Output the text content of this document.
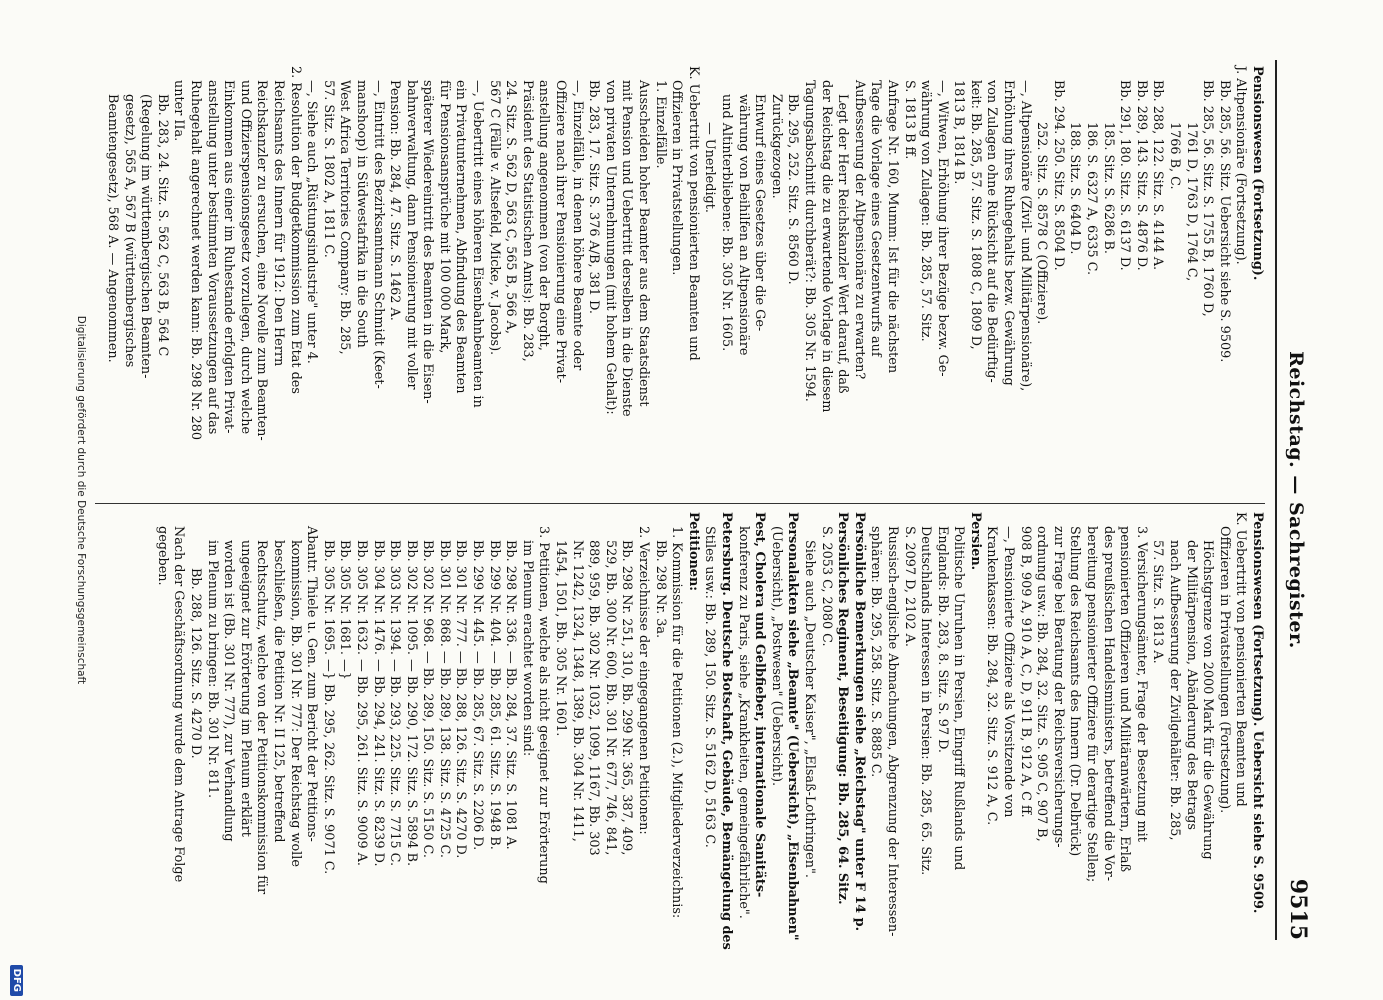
Reichstag. — Sachregister.
9515
Pensionswesen (Fortsetzung).
J. Altpensionäre (Fortsetzung).
Bb. 285, 56. Sitz. Uebersicht siehe S. 9509.
Bb. 285, 56. Sitz. S. 1755 B, 1760 D,
1761 D, 1763 D, 1764 C,
1766 B, C.
Bb. 288, 122. Sitz. S. 4144 A.
Bb. 289, 143. Sitz. S. 4876 D.
Bb. 291, 180. Sitz. S. 6137 D.
185. Sitz. S. 6286 B.
186. S. 6327 A, 6335 C.
188. Sitz. S. 6404 D.
Bb. 294. 250. Sitz. S. 8504 D.
252. Sitz. S. 8578 C (Offiziere).
—, Altpensionäre (Zivil- und Militärpensionäre),
Erhöhung ihres Ruhegehalts bezw. Gewährung
von Zulagen ohne Rücksicht auf die Bedürftig-
keit: Bb. 285, 57. Sitz. S. 1808 C, 1809 D,
1813 B, 1814 B.
—, Witwen, Erhöhung ihrer Bezüge bezw. Ge-
währung von Zulagen: Bb. 285, 57. Sitz.
S. 1813 B ff.
Anfrage Nr. 160, Mumm: Ist für die nächsten
Tage die Vorlage eines Gesetzentwurfs auf
Aufbesserung der Altpensionäre zu erwarten?
Legt der Herr Reichskanzler Wert darauf, daß
der Reichstag die zu erwartende Vorlage in diesem
Tagungsabschnitt durchberät?: Bb. 305 Nr. 1594.
Bb. 295, 252. Sitz. S. 8560 D.
Zurückgezogen.
Entwurf eines Gesetzes über die Ge-
währung von Beihilfen an Altpensionäre
und Altinterbliebene: Bb. 305 Nr. 1605.
— Unerledigt.
K. Uebertritt von pensionierten Beamten und
Offizieren in Privatstellungen.
1. Einzelfälle.
Ausscheiden hoher Beamter aus dem Staatsdienst
mit Pension und Uebertritt derselben in die Dienste
von privaten Unternehmungen (mit hohem Gehalt):
Bb. 283, 17. Sitz. S. 376 A/B, 381 D.
—, Einzelfälle, in denen höhere Beamte oder
Offiziere nach ihrer Pensionierung eine Privat-
anstellung angenommen (von der Borght,
Präsident des Statistischen Amts): Bb. 283,
24. Sitz. S. 562 D, 563 C, 565 B, 566 A,
567 C (Fälle v. Altsefeld, Micke, v. Jacobs).
—, Uebertritt eines höheren Eisenbahnbeamten in
ein Privatunternehmen, Abfindung des Beamten
für Pensionsansprüche mit 100 000 Mark,
späterer Wiedereintritt des Beamten in die Eisen-
bahnverwaltung, dann Pensionierung mit voller
Pension: Bb. 284, 47. Sitz. S. 1462 A.
—, Eintritt des Bezirksamtmann Schmidt (Keet-
manshoop) in Südwestafrika in die South
West Africa Territories Company: Bb. 285,
57. Sitz. S. 1802 A, 1811 C.
—, Siehe auch „Rüstungsindustrie" unter 4.
2. Resolution der Budgetkommission zum Etat des
Reichsamts des Innern für 1912: Den Herrn
Reichskanzler zu ersuchen, eine Novelle zum Beamten-
und Offizierspensionsgesetz vorzulegen, durch welche
Einkommen aus einer im Ruhestande erfolgten Privat-
anstellung unter bestimmten Voraussetzungen auf das
Ruhegehalt angerechnet werden kann: Bb. 298 Nr. 280
unter IIa.
Bb. 283, 24. Sitz. S. 562 C, 563 B, 564 C
(Regelung im württembergischen Beamten-
gesetz), 565 A, 567 B (württembergisches
Beamtengesetz), 568 A. — Angenommen.
Pensionswesen (Fortsetzung). Uebersicht siehe S. 9509.
K. Uebertritt von pensionierten Beamten und
Offizieren in Privatstellungen (Fortsetzung).
Höchstgrenze von 2000 Mark für die Gewährung
der Militärpension, Abänderung des Betrags
nach Aufbesserung der Zivilgehälter: Bb. 285,
57. Sitz. S. 1813 A.
3. Versicherungsämter, Frage der Besetzung mit
pensionierten Offizieren und Militäranwärtern, Erlaß
des preußischen Handelsministers, betreffend die Vor-
bereitung pensionierter Offiziere für derartige Stellen;
Stellung des Reichsamts des Innern (Dr. Delbrück)
zur Frage bei Beratung der Reichsversicherungs-
ordnung usw.: Bb. 284, 32. Sitz. S. 905 C, 907 B,
908 B, 909 A, 910 A, C, D, 911 B, 912 A, C ff.
—, Pensionierte Offiziere als Vorsitzende von
Krankenkassen: Bb. 284, 32. Sitz. S. 912 A, C.
Persien.
Politische Unruhen in Persien, Eingriff Rußlands und
Englands: Bb. 283, 8. Sitz. S. 97 D.
Deutschlands Interessen in Persien: Bb. 285, 65. Sitz.
S. 2097 D, 2102 A.
Russisch-englische Abmachungen, Abgrenzung der Interessen-
sphären: Bb. 295, 258. Sitz. S. 8885 C.
Persönliche Bemerkungen siehe „Reichstag" unter F 14 p.
Persönliches Regiment, Beseitigung: Bb. 285, 64. Sitz.
S. 2053 C, 2080 C.
Siehe auch „Deutscher Kaiser", „Elsaß-Lothringen".
Personalakten siehe „Beamte" (Uebersicht), „Eisenbahnen"
(Uebersicht), „Postwesen" (Uebersicht).
Pest, Cholera und Gelbfieber, internationale Sanitäts-
konferenz zu Paris, siehe „Krankheiten, gemeingefährliche".
Petersburg. Deutsche Botschaft, Gebäude, Bemängelung des
Stiles usw.: Bb. 289, 150. Sitz. S. 5162 D, 5163 C.
Petitionen:
1. Kommission für die Petitionen (2.), Mitgliederverzeichnis:
Bb. 298 Nr. 3a.
2. Verzeichnisse der eingegangenen Petitionen:
Bb. 298 Nr. 251, 310, Bb. 299 Nr. 365, 387, 409,
529, Bb. 300 Nr. 600, Bb. 301 Nr. 677, 746, 841,
889, 959, Bb. 302 Nr. 1032, 1099, 1167, Bb. 303
Nr. 1242, 1324, 1348, 1389, Bb. 304 Nr. 1411,
1454, 1501, Bb. 305 Nr. 1601.
3. Petitionen, welche als nicht geeignet zur Erörterung
im Plenum erachtet worden sind:
Bb. 298 Nr. 336. — Bb. 284, 37. Sitz. S. 1081 A.
Bb. 299 Nr. 404. — Bb. 285, 61. Sitz. S. 1948 B.
Bb. 299 Nr. 445. — Bb. 285, 67. Sitz. S. 2206 D.
Bb. 301 Nr. 777. — Bb. 288, 126. Sitz. S. 4270 D.
Bb. 301 Nr. 868. — Bb. 289, 138. Sitz. S. 4725 C.
Bb. 302 Nr. 968. — Bb. 289, 150. Sitz. S. 5150 C.
Bb. 302 Nr. 1095. — Bb. 290, 172. Sitz. S. 5894 B.
Bb. 303 Nr. 1394. — Bb. 293, 225. Sitz. S. 7715 C.
Bb. 304 Nr. 1476. — Bb. 294, 241. Sitz. S. 8239 D.
Bb. 305 Nr. 1632. — Bb. 295, 261. Sitz. S. 9009 A.
Bb. 305 Nr. 1681. —}
Bb. 305 Nr. 1695. —} Bb. 295, 262. Sitz. S. 9071 C.
Abantr. Thiele u. Gen. zum Bericht der Petitions-
kommission, Bb. 301 Nr. 777: Der Reichstag wolle
beschließen, die Petition Nr. II 125, betreffend
Rechtsschutz, welche von der Petitionskommission für
ungeeignet zur Erörterung im Plenum erklärt
worden ist (Bb. 301 Nr. 777), zur Verhandlung
im Plenum zu bringen: Bb. 301 Nr. 811.
Bb. 288, 126. Sitz. S. 4270 D.
Nach der Geschäftsordnung wurde dem Antrage Folge
gegeben.
Digitalisierung gefördert durch die Deutsche Forschungsgemeinschaft
DFG
